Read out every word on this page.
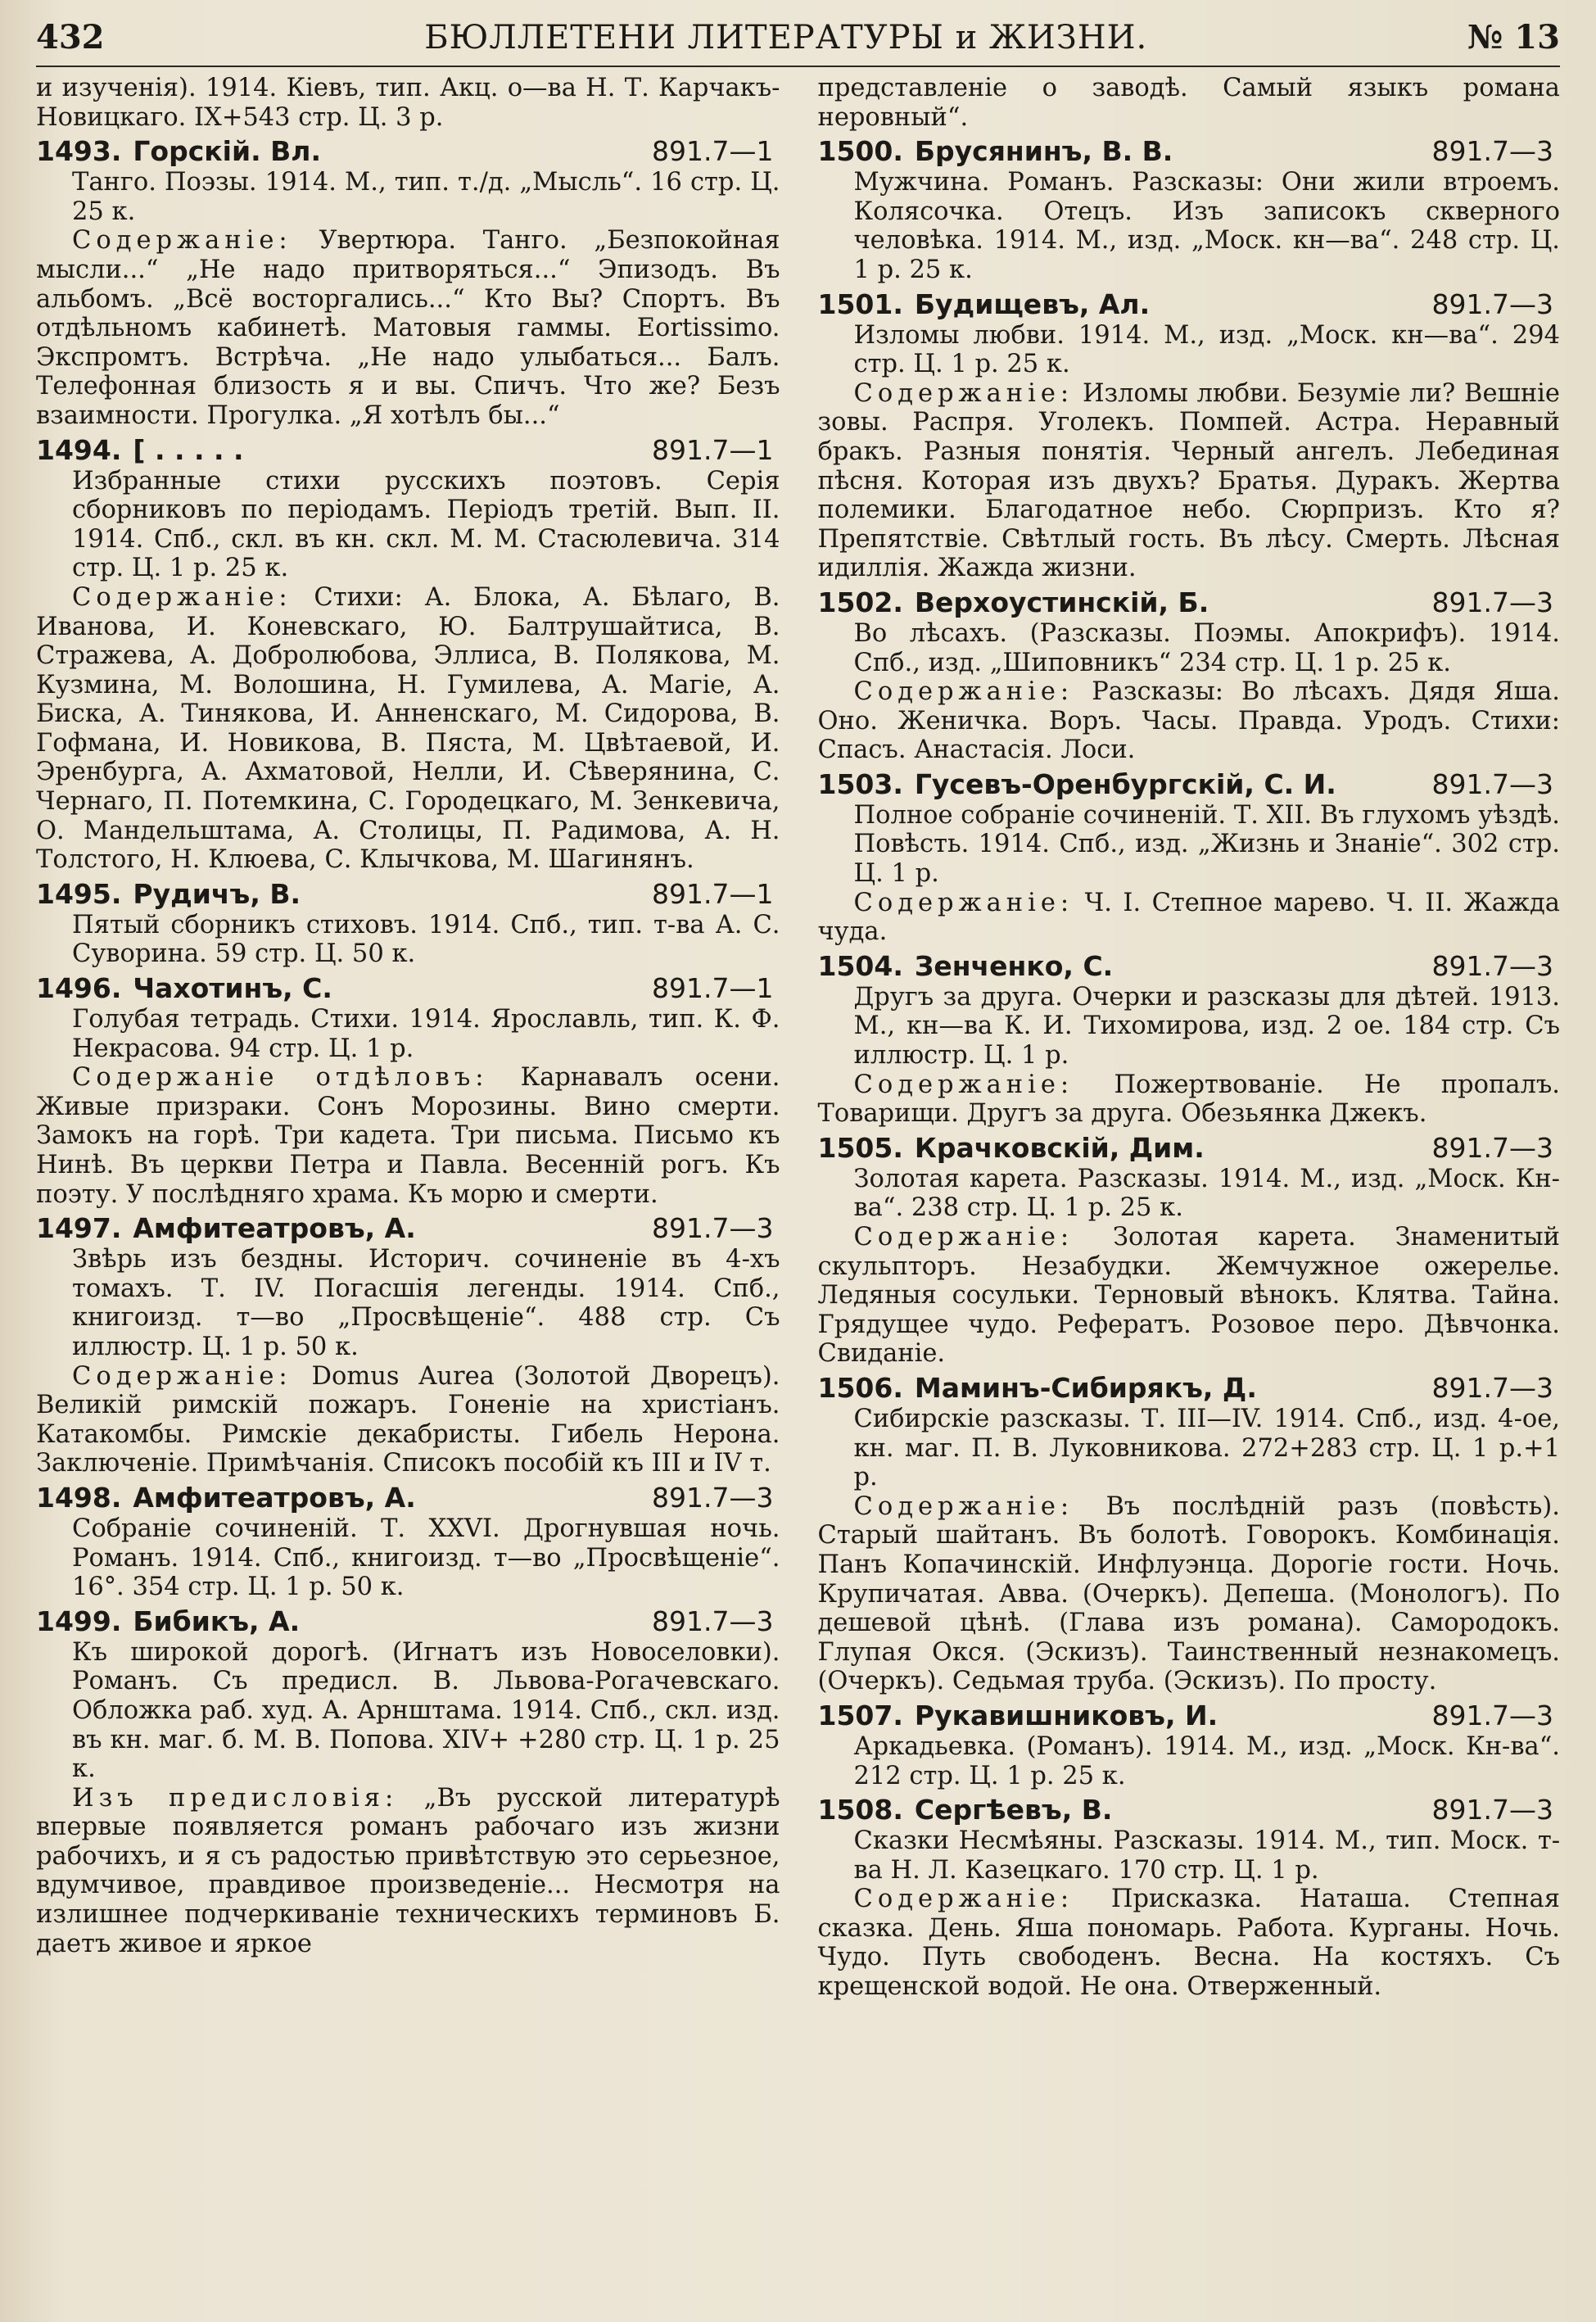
432	БЮЛЛЕТЕНИ ЛИТЕРАТУРЫ и ЖИЗНИ.	№ 13

и изученія). 1914. Кіевъ, тип. Акц. о—ва Н. Т. Карчакъ-Новицкаго. IX+543 стр. Ц. 3 р.

1493. Горскій. Вл.	891.7—1

Танго. Поэзы. 1914. М., тип. т./д. „Мысль“. 16 стр. Ц. 25 к.

Содержаніе: Увертюра. Танго. „Безпокойная мысли...“ „Не надо притворяться...“ Эпизодъ. Въ альбомъ. „Всё восторгались...“ Кто Вы? Спортъ. Въ отдѣльномъ кабинетѣ. Матовыя гаммы. Eortissimo. Экспромтъ. Встрѣча. „Не надо улыбаться... Балъ. Телефонная близость я и вы. Спичъ. Что же? Безъ взаимности. Прогулка. „Я хотѣлъ бы...“

1494. [ . . . . .	891.7—1

Избранные стихи русскихъ поэтовъ. Серія сборниковъ по періодамъ. Періодъ третій. Вып. II. 1914. Спб., скл. въ кн. скл. М. М. Стасюлевича. 314 стр. Ц. 1 р. 25 к.

Содержаніе: Стихи: А. Блока, А. Бѣлаго, В. Иванова, И. Коневскаго, Ю. Балтрушайтиса, В. Стражева, А. Добролюбова, Эллиса, В. Полякова, М. Кузмина, М. Волошина, Н. Гумилева, А. Магіе, А. Биска, А. Тинякова, И. Анненскаго, М. Сидорова, В. Гофмана, И. Новикова, В. Пяста, М. Цвѣтаевой, И. Эренбурга, А. Ахматовой, Нелли, И. Сѣверянина, С. Чернаго, П. Потемкина, С. Городецкаго, М. Зенкевича, О. Мандельштама, А. Столицы, П. Радимова, А. Н. Толстого, Н. Клюева, С. Клычкова, М. Шагинянъ.

1495. Рудичъ, В.	891.7—1

Пятый сборникъ стиховъ. 1914. Спб., тип. т-ва А. С. Суворина. 59 стр. Ц. 50 к.

1496. Чахотинъ, С.	891.7—1

Голубая тетрадь. Стихи. 1914. Ярославль, тип. К. Ф. Некрасова. 94 стр. Ц. 1 р.

Содержаніе отдѣловъ: Карнавалъ осени. Живые призраки. Сонъ Морозины. Вино смерти. Замокъ на горѣ. Три кадета. Три письма. Письмо къ Нинѣ. Въ церкви Петра и Павла. Весенній рогъ. Къ поэту. У послѣдняго храма. Къ морю и смерти.

1497. Амфитеатровъ, А.	891.7—3

Звѣрь изъ бездны. Историч. сочиненіе въ 4-хъ томахъ. Т. IV. Погасшія легенды. 1914. Спб., книгоизд. т—во „Просвѣщеніе“. 488 стр. Съ иллюстр. Ц. 1 р. 50 к.

Содержаніе: Domus Aurea (Золотой Дворецъ). Великій римскій пожаръ. Гоненіе на христіанъ. Катакомбы. Римскіе декабристы. Гибель Нерона. Заключеніе. Примѣчанія. Списокъ пособій къ III и IV т.

1498. Амфитеатровъ, А.	891.7—3

Собраніе сочиненій. Т. XXVI. Дрогнувшая ночь. Романъ. 1914. Спб., книгоизд. т—во „Просвѣщеніе“. 16°. 354 стр. Ц. 1 р. 50 к.

1499. Бибикъ, А.	891.7—3

Къ широкой дорогѣ. (Игнатъ изъ Новоселовки). Романъ. Съ предисл. В. Львова-Рогачевскаго. Обложка раб. худ. А. Арнштама. 1914. Спб., скл. изд. въ кн. маг. б. М. В. Попова. XIV+ +280 стр. Ц. 1 р. 25 к.

Изъ предисловія: „Въ русской литературѣ впервые появляется романъ рабочаго изъ жизни рабочихъ, и я съ радостью привѣтствую это серьезное, вдумчивое, правдивое произведеніе... Несмотря на излишнее подчеркиваніе техническихъ терминовъ Б. даетъ живое и яркое

представленіе о заводѣ. Самый языкъ романа неровный“.

1500. Брусянинъ, В. В.	891.7—3

Мужчина. Романъ. Разсказы: Они жили втроемъ. Колясочка. Отецъ. Изъ записокъ скверного человѣка. 1914. М., изд. „Моск. кн—ва“. 248 стр. Ц. 1 р. 25 к.

1501. Будищевъ, Ал.	891.7—3

Изломы любви. 1914. М., изд. „Моск. кн—ва“. 294 стр. Ц. 1 р. 25 к.

Содержаніе: Изломы любви. Безуміе ли? Вешніе зовы. Распря. Уголекъ. Помпей. Астра. Неравный бракъ. Разныя понятія. Черный ангелъ. Лебединая пѣсня. Которая изъ двухъ? Братья. Дуракъ. Жертва полемики. Благодатное небо. Сюрпризъ. Кто я? Препятствіе. Свѣтлый гость. Въ лѣсу. Смерть. Лѣсная идиллія. Жажда жизни.

1502. Верхоустинскій, Б.	891.7—3

Во лѣсахъ. (Разсказы. Поэмы. Апокрифъ). 1914. Спб., изд. „Шиповникъ“ 234 стр. Ц. 1 р. 25 к.

Содержаніе: Разсказы: Во лѣсахъ. Дядя Яша. Оно. Женичка. Воръ. Часы. Правда. Уродъ. Стихи: Спасъ. Анастасія. Лоси.

1503. Гусевъ-Оренбургскій, С. И.	891.7—3

Полное собраніе сочиненій. Т. XII. Въ глухомъ уѣздѣ. Повѣсть. 1914. Спб., изд. „Жизнь и Знаніе“. 302 стр. Ц. 1 р.

Содержаніе: Ч. I. Степное марево. Ч. II. Жажда чуда.

1504. Зенченко, С.	891.7—3

Другъ за друга. Очерки и разсказы для дѣтей. 1913. М., кн—ва К. И. Тихомирова, изд. 2 ое. 184 стр. Съ иллюстр. Ц. 1 р.

Содержаніе: Пожертвованіе. Не пропалъ. Товарищи. Другъ за друга. Обезьянка Джекъ.

1505. Крачковскій, Дим.	891.7—3

Золотая карета. Разсказы. 1914. М., изд. „Моск. Кн-ва“. 238 стр. Ц. 1 р. 25 к.

Содержаніе: Золотая карета. Знаменитый скульпторъ. Незабудки. Жемчужное ожерелье. Ледяныя сосульки. Терновый вѣнокъ. Клятва. Тайна. Грядущее чудо. Рефератъ. Розовое перо. Дѣвчонка. Свиданіе.

1506. Маминъ-Сибирякъ, Д.	891.7—3

Сибирскіе разсказы. Т. III—IV. 1914. Спб., изд. 4-ое, кн. маг. П. В. Луковникова. 272+283 стр. Ц. 1 р.+1 р.

Содержаніе: Въ послѣдній разъ (повѣсть). Старый шайтанъ. Въ болотѣ. Говорокъ. Комбинація. Панъ Копачинскій. Инфлуэнца. Дорогіе гости. Ночь. Крупичатая. Авва. (Очеркъ). Депеша. (Монологъ). По дешевой цѣнѣ. (Глава изъ романа). Самородокъ. Глупая Окся. (Эскизъ). Таинственный незнакомецъ. (Очеркъ). Седьмая труба. (Эскизъ). По просту.

1507. Рукавишниковъ, И.	891.7—3

Аркадьевка. (Романъ). 1914. М., изд. „Моск. Кн-ва“. 212 стр. Ц. 1 р. 25 к.

1508. Сергѣевъ, В.	891.7—3

Сказки Несмѣяны. Разсказы. 1914. М., тип. Моск. т-ва Н. Л. Казецкаго. 170 стр. Ц. 1 р.

Содержаніе: Присказка. Наташа. Степная сказка. День. Яша пономарь. Работа. Курганы. Ночь. Чудо. Путь свободенъ. Весна. На костяхъ. Съ крещенской водой. Не она. Отверженный.
